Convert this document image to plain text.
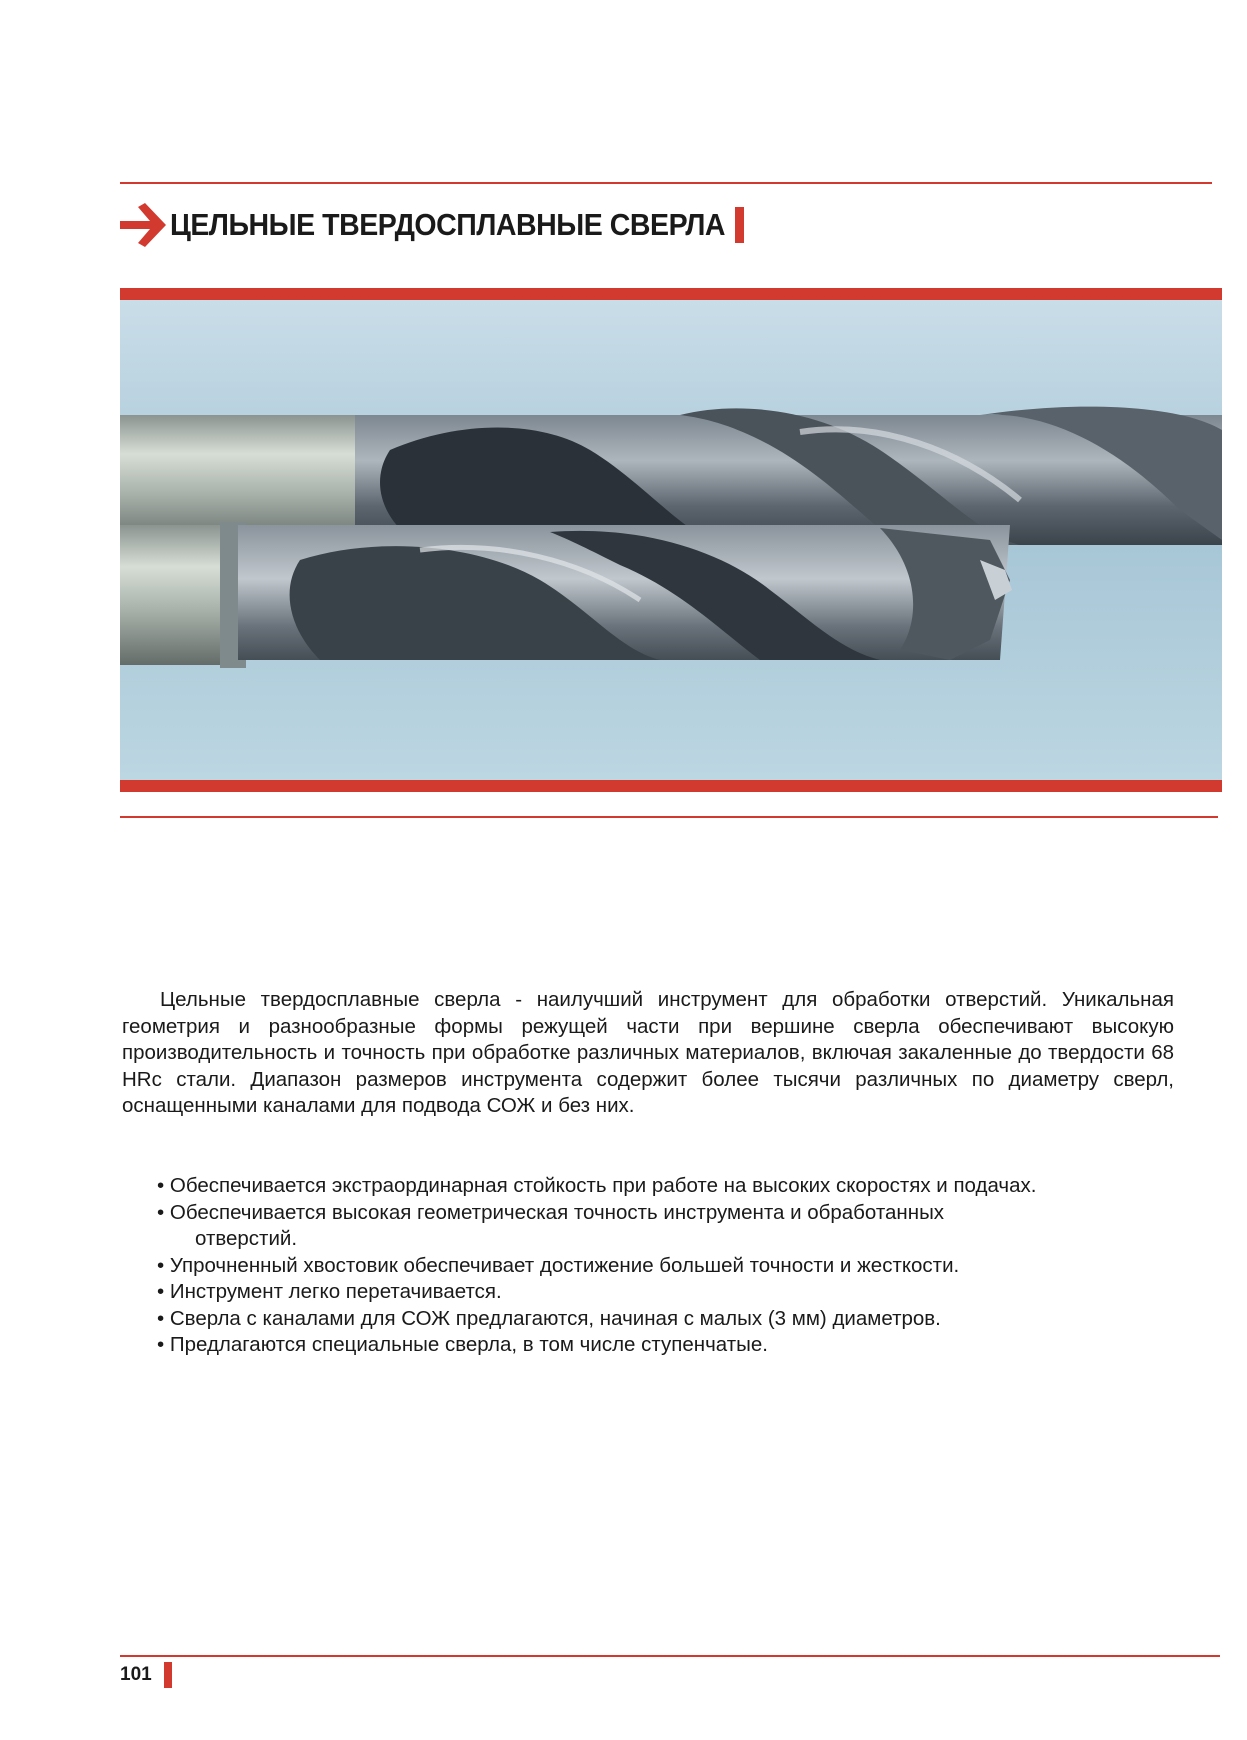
ЦЕЛЬНЫЕ ТВЕРДОСПЛАВНЫЕ СВЕРЛА

Цельные твердосплавные сверла - наилучший инструмент для обработки отверстий. Уникальная геометрия и разнообразные формы режущей части при вершине сверла обеспечивают высокую производительность и точность при обработке различных материалов, включая закаленные до твердости 68 HRc стали. Диапазон размеров инструмента содержит более тысячи различных по диаметру сверл, оснащенными каналами для подвода СОЖ и без них.

• Обеспечивается экстраординарная стойкость при работе на высоких скоростях и подачах.
• Обеспечивается высокая геометрическая точность инструмента и обработанных
отверстий.
• Упрочненный хвостовик обеспечивает достижение большей точности и жесткости.
• Инструмент легко перетачивается.
• Сверла с каналами для СОЖ предлагаются, начиная с малых (3 мм) диаметров.
• Предлагаются специальные сверла, в том числе ступенчатые.
101
